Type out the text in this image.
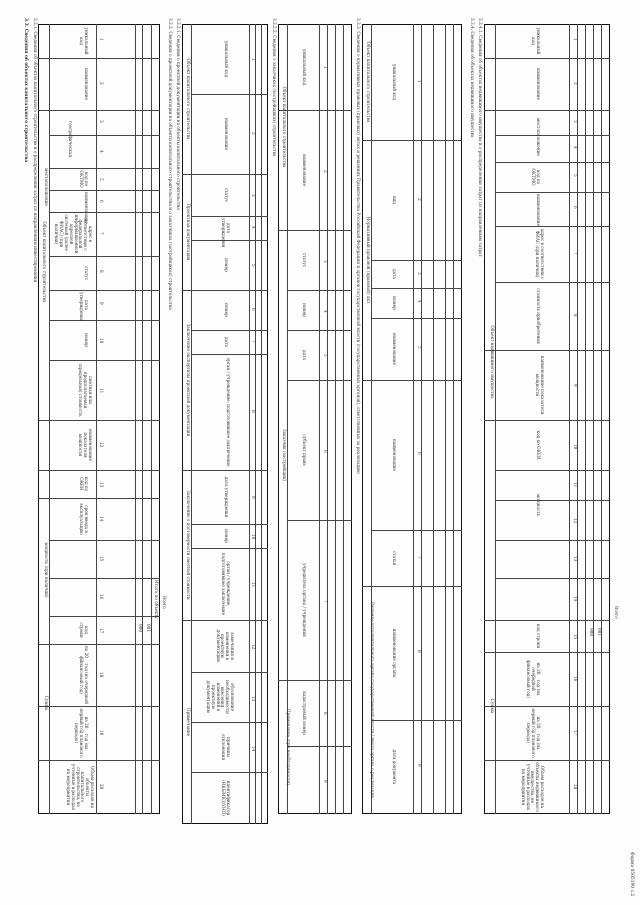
Форма 0505190 с.2
3.3. Сведения об объектах капитального строительства 3.3.1. Сведения об объектах капитального строительства и о распределении затрат по направлениям инвестирования	уникальный код
наименование
местоположение
географическая
код по ОКТМО
наименование
адрес в соответствии с федеральной информационной адресной системой (далее - ФИАС) (при наличии)
статус
дата утверждения
номер
сметная или предполагаемая (предельная) стоимость
наименование показателя мощности
код по ОКЕИ
мощность (при наличии)
срок ввода в эксплуатацию
код строки
Сумма	на 20__ год (на очередной финансовый год)
на 20__ год (на первый год планового периода)
Объем расходов на объекты капитального строительства, не учтенные в расходах на мероприятия
Объект капитального строительства
1
2
3
4
5
6
7
8
9
10
11
12
13
14
15
16
17
18
19
20
900 901
Итого по объекту Всего
3.3.2. Сведения о проектной документации на объекты капитального строительства и о заказчиках (застройщиках) строительства 3.3.2.1. Сведения о проектной документации на объекты капитального строительства Объект капитального строительства
Проектная документация
Заключение экспертизы проектной документации
Заключение о достоверности сметной стоимости
Примечание
уникальный код
наименование
статус
дата утверждения
номер
номер
дата
орган / учреждение, подготовившее заключение
дата утверждения
номер
орган / учреждение, подготовившее заключение
замечания и изменения в проектную документацию
обоснование необходимости внесения изменений в проектную документацию
причины отклонения
идентификатор (ИКБ/ИКЗ/УНП)
1
2
3
4
5
6
7
8
9
10
11
12
13
14
3.3.2.2. Сведения о заказчиках (застройщиках) строительства Объект капитального строительства
Заказчик (застройщик)
Примечание (при необходимости)
уникальный код
наименование
статус
номер
дата
субъект права
учредитель органа / учреждения
кадастровый номер
1
2
3
4
5
6
7
8
9
3.3.3. Сведения о нормативных правовых (правовых) актах и решениях Правительства Российской Федерации и органов государственной власти (государственных органов), ответственных за реализацию Объект капитального строительства
Нормативный правовой (правовой) акт
Решение исполнительного органа государственной власти / иного органа о реализации
уникальный код
вид
дата
номер
наименование
наименование
статья
наименование органа
дата документа
1
2
3
4
5
6
7
8
9
3.3.4. Сведения об объектах недвижимого имущества 3.3.4.1. Сведения об объектах недвижимого имущества и о распределении затрат по направлениям затрат
Объект недвижимого имущества
Сумма
уникальный код
наименование
местоположение
код по ОКТМО
наименование
адрес в соответствии с ФИАС (при наличии)
стоимость приобретения
наименование показателя мощности
код по ОКЕИ
мощность
код строки
на 20__ год (на очередной финансовый год)
на 20__ год (на первый год планового периода)
Объем расходов на объекты недвижимого имущества, не учтенные в расходах на мероприятия
1
2
3
4
5
6
7
8
9
10
11
12
13
14
15
16
17
18
900 901
Всего
